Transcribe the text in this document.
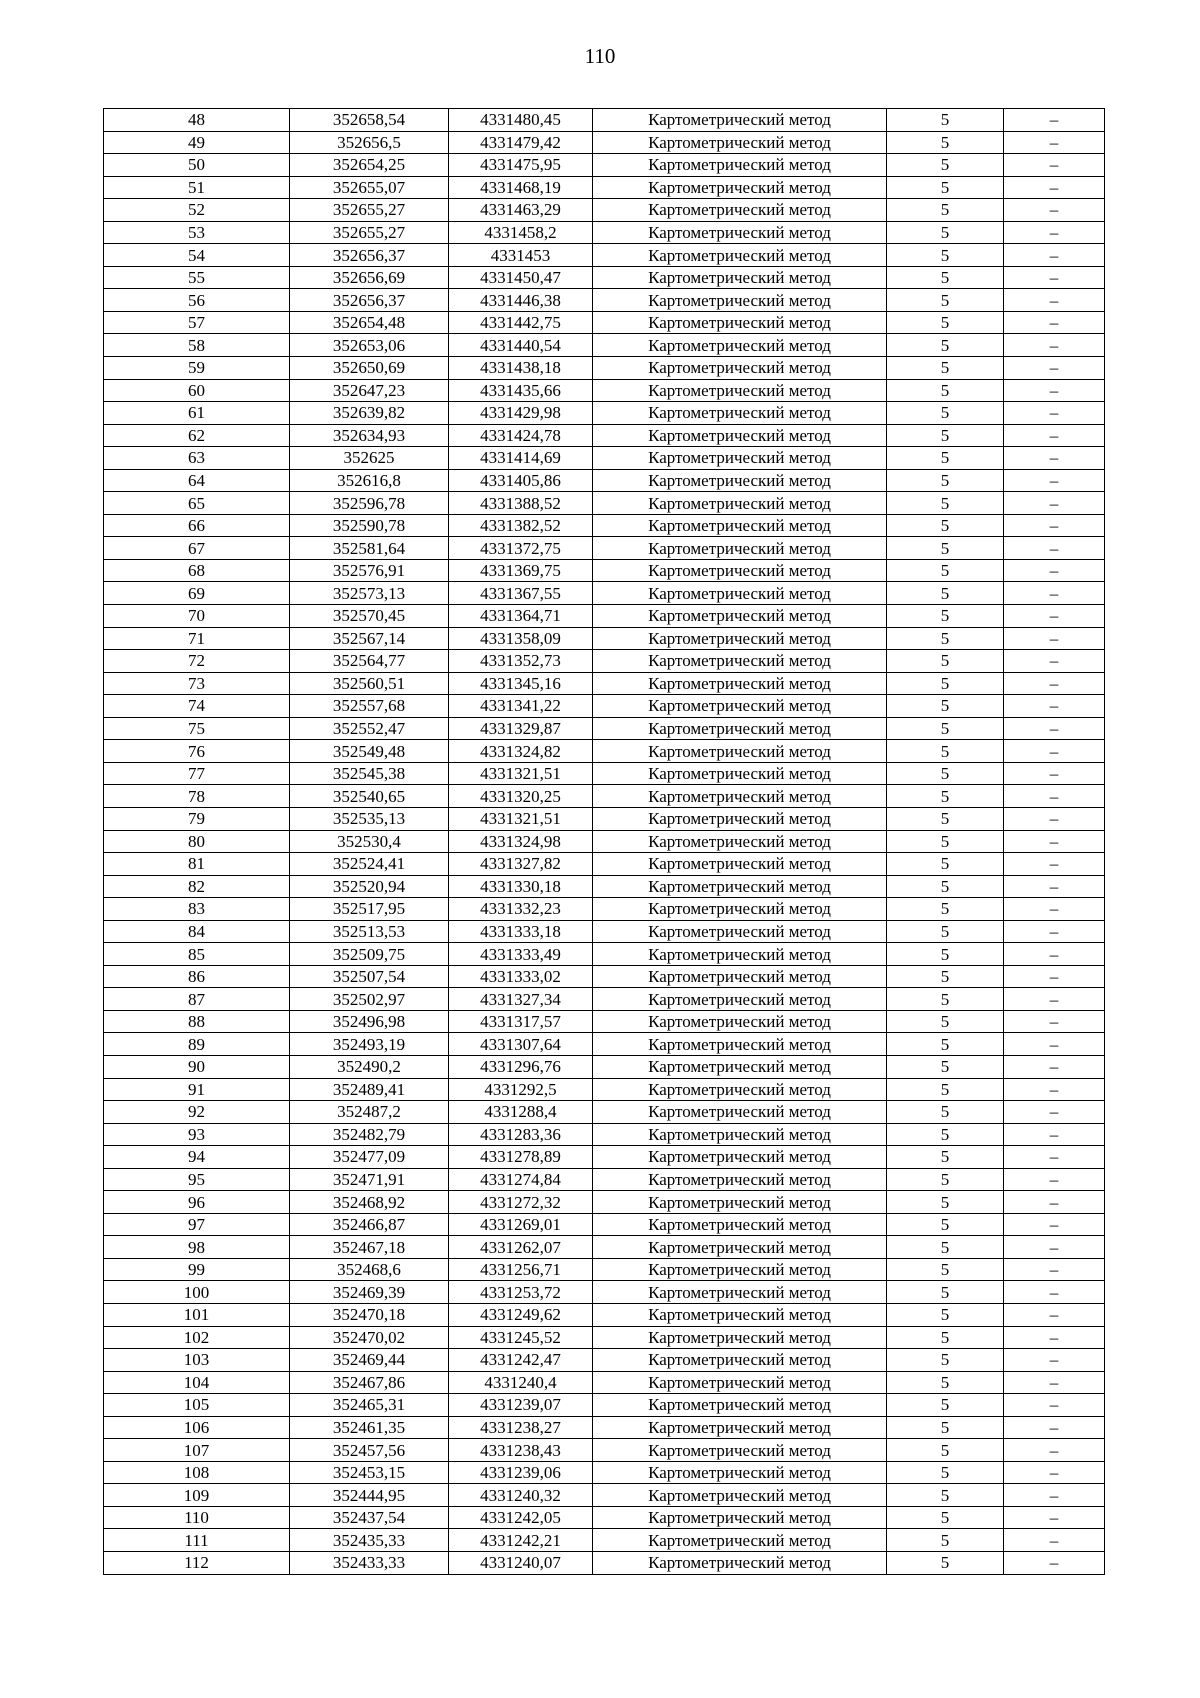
110
48	352658,54	4331480,45	Картометрический метод	5	–
49	352656,5	4331479,42	Картометрический метод	5	–
50	352654,25	4331475,95	Картометрический метод	5	–
51	352655,07	4331468,19	Картометрический метод	5	–
52	352655,27	4331463,29	Картометрический метод	5	–
53	352655,27	4331458,2	Картометрический метод	5	–
54	352656,37	4331453	Картометрический метод	5	–
55	352656,69	4331450,47	Картометрический метод	5	–
56	352656,37	4331446,38	Картометрический метод	5	–
57	352654,48	4331442,75	Картометрический метод	5	–
58	352653,06	4331440,54	Картометрический метод	5	–
59	352650,69	4331438,18	Картометрический метод	5	–
60	352647,23	4331435,66	Картометрический метод	5	–
61	352639,82	4331429,98	Картометрический метод	5	–
62	352634,93	4331424,78	Картометрический метод	5	–
63	352625	4331414,69	Картометрический метод	5	–
64	352616,8	4331405,86	Картометрический метод	5	–
65	352596,78	4331388,52	Картометрический метод	5	–
66	352590,78	4331382,52	Картометрический метод	5	–
67	352581,64	4331372,75	Картометрический метод	5	–
68	352576,91	4331369,75	Картометрический метод	5	–
69	352573,13	4331367,55	Картометрический метод	5	–
70	352570,45	4331364,71	Картометрический метод	5	–
71	352567,14	4331358,09	Картометрический метод	5	–
72	352564,77	4331352,73	Картометрический метод	5	–
73	352560,51	4331345,16	Картометрический метод	5	–
74	352557,68	4331341,22	Картометрический метод	5	–
75	352552,47	4331329,87	Картометрический метод	5	–
76	352549,48	4331324,82	Картометрический метод	5	–
77	352545,38	4331321,51	Картометрический метод	5	–
78	352540,65	4331320,25	Картометрический метод	5	–
79	352535,13	4331321,51	Картометрический метод	5	–
80	352530,4	4331324,98	Картометрический метод	5	–
81	352524,41	4331327,82	Картометрический метод	5	–
82	352520,94	4331330,18	Картометрический метод	5	–
83	352517,95	4331332,23	Картометрический метод	5	–
84	352513,53	4331333,18	Картометрический метод	5	–
85	352509,75	4331333,49	Картометрический метод	5	–
86	352507,54	4331333,02	Картометрический метод	5	–
87	352502,97	4331327,34	Картометрический метод	5	–
88	352496,98	4331317,57	Картометрический метод	5	–
89	352493,19	4331307,64	Картометрический метод	5	–
90	352490,2	4331296,76	Картометрический метод	5	–
91	352489,41	4331292,5	Картометрический метод	5	–
92	352487,2	4331288,4	Картометрический метод	5	–
93	352482,79	4331283,36	Картометрический метод	5	–
94	352477,09	4331278,89	Картометрический метод	5	–
95	352471,91	4331274,84	Картометрический метод	5	–
96	352468,92	4331272,32	Картометрический метод	5	–
97	352466,87	4331269,01	Картометрический метод	5	–
98	352467,18	4331262,07	Картометрический метод	5	–
99	352468,6	4331256,71	Картометрический метод	5	–
100	352469,39	4331253,72	Картометрический метод	5	–
101	352470,18	4331249,62	Картометрический метод	5	–
102	352470,02	4331245,52	Картометрический метод	5	–
103	352469,44	4331242,47	Картометрический метод	5	–
104	352467,86	4331240,4	Картометрический метод	5	–
105	352465,31	4331239,07	Картометрический метод	5	–
106	352461,35	4331238,27	Картометрический метод	5	–
107	352457,56	4331238,43	Картометрический метод	5	–
108	352453,15	4331239,06	Картометрический метод	5	–
109	352444,95	4331240,32	Картометрический метод	5	–
110	352437,54	4331242,05	Картометрический метод	5	–
111	352435,33	4331242,21	Картометрический метод	5	–
112	352433,33	4331240,07	Картометрический метод	5	–
